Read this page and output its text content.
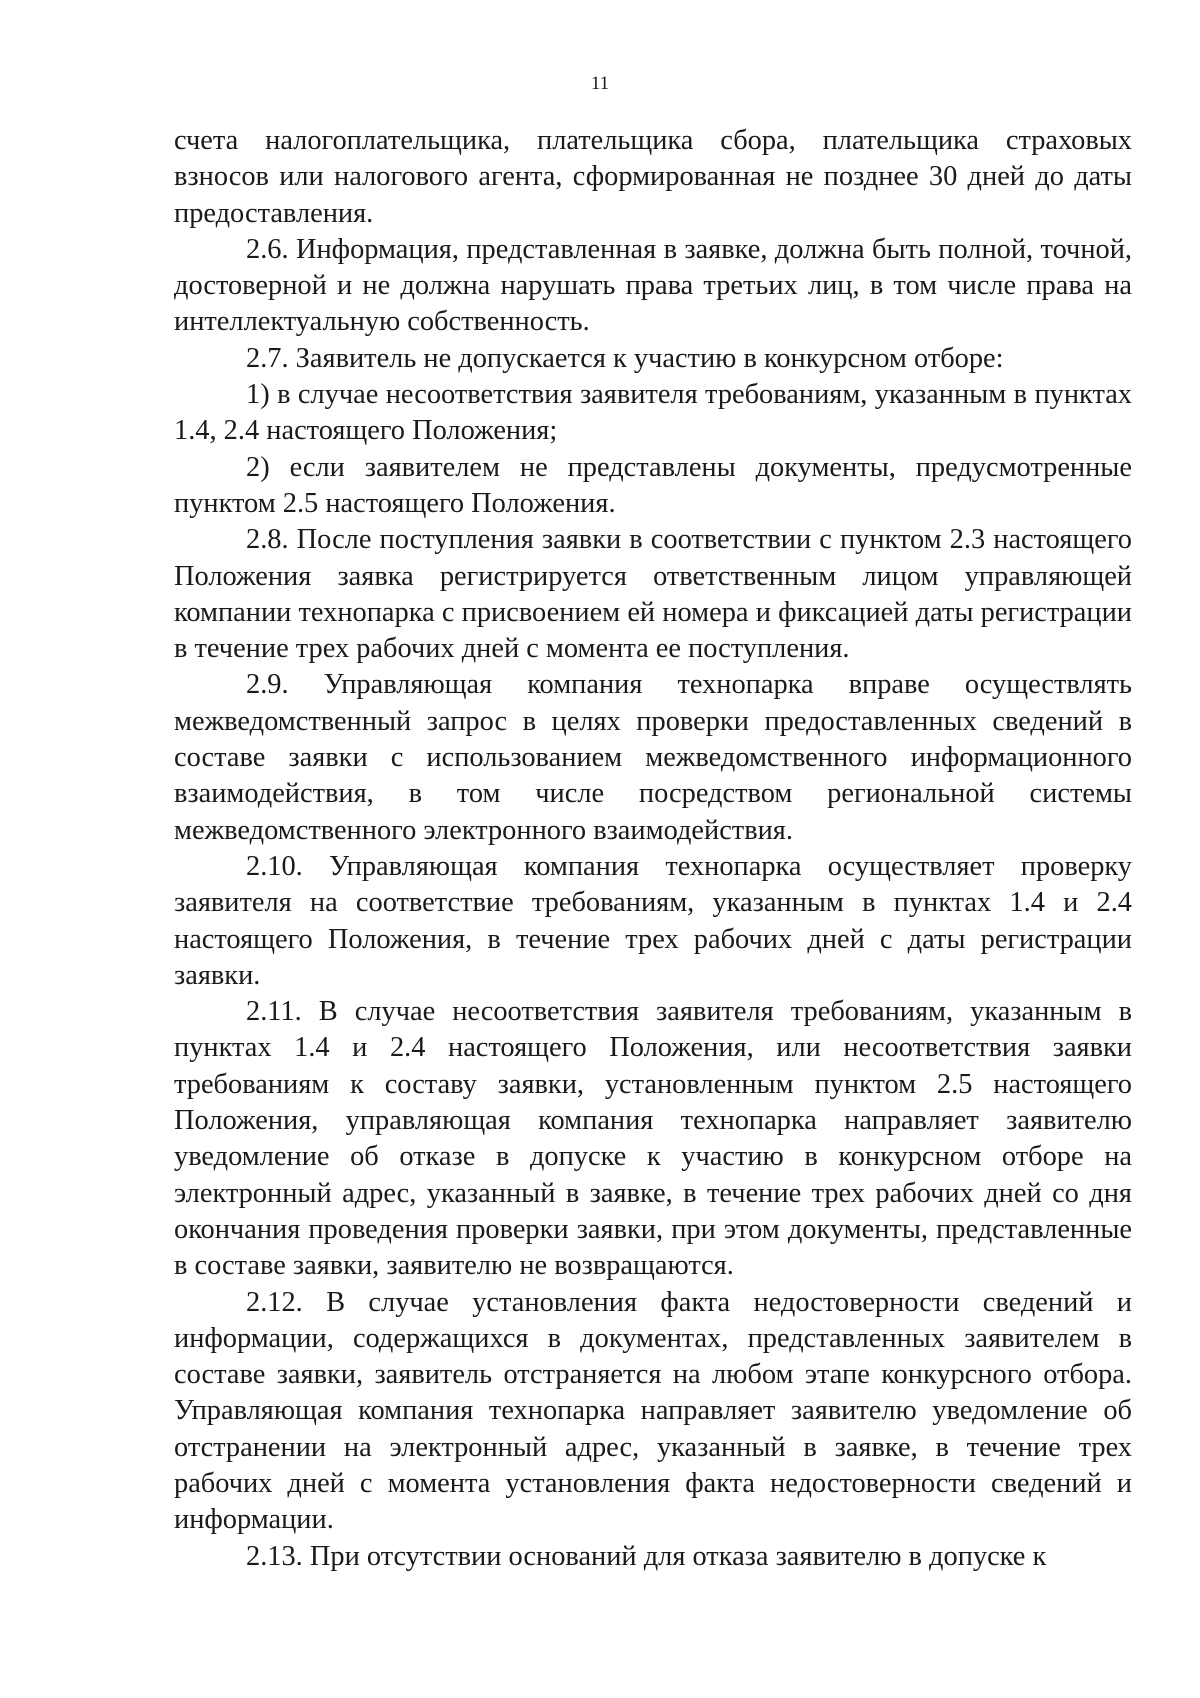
11

счета налогоплательщика, плательщика сбора, плательщика страховых взносов или налогового агента, сформированная не позднее 30 дней до даты предоставления.

2.6. Информация, представленная в заявке, должна быть полной, точной, достоверной и не должна нарушать права третьих лиц, в том числе права на интеллектуальную собственность.

2.7. Заявитель не допускается к участию в конкурсном отборе:

1) в случае несоответствия заявителя требованиям, указанным в пунктах 1.4, 2.4 настоящего Положения;

2) если заявителем не представлены документы, предусмотренные пунктом 2.5 настоящего Положения.

2.8. После поступления заявки в соответствии с пунктом 2.3 настоящего Положения заявка регистрируется ответственным лицом управляющей компании технопарка с присвоением ей номера и фиксацией даты регистрации в течение трех рабочих дней с момента ее поступления.

2.9. Управляющая компания технопарка вправе осуществлять межведомственный запрос в целях проверки предоставленных сведений в составе заявки с использованием межведомственного информационного взаимодействия, в том числе посредством региональной системы межведомственного электронного взаимодействия.

2.10. Управляющая компания технопарка осуществляет проверку заявителя на соответствие требованиям, указанным в пунктах 1.4 и 2.4 настоящего Положения, в течение трех рабочих дней с даты регистрации заявки.

2.11. В случае несоответствия заявителя требованиям, указанным в пунктах 1.4 и 2.4 настоящего Положения, или несоответствия заявки требованиям к составу заявки, установленным пунктом 2.5 настоящего Положения, управляющая компания технопарка направляет заявителю уведомление об отказе в допуске к участию в конкурсном отборе на электронный адрес, указанный в заявке, в течение трех рабочих дней со дня окончания проведения проверки заявки, при этом документы, представленные в составе заявки, заявителю не возвращаются.

2.12. В случае установления факта недостоверности сведений и информации, содержащихся в документах, представленных заявителем в составе заявки, заявитель отстраняется на любом этапе конкурсного отбора. Управляющая компания технопарка направляет заявителю уведомление об отстранении на электронный адрес, указанный в заявке, в течение трех рабочих дней с момента установления факта недостоверности сведений и информации.

2.13. При отсутствии оснований для отказа заявителю в допуске к
